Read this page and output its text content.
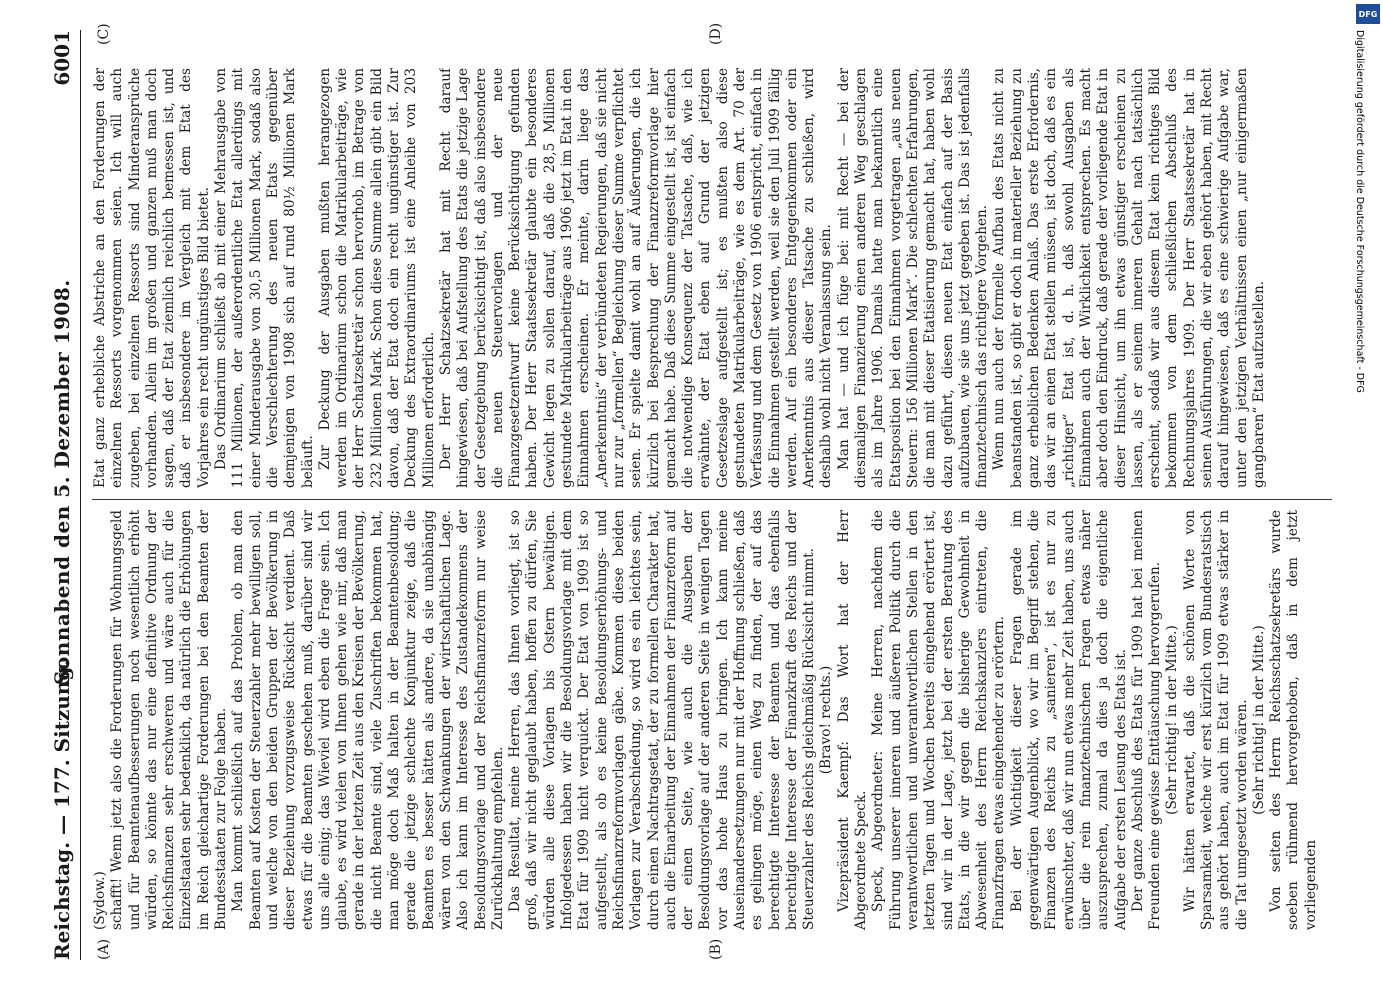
Reichstag. — 177. Sitzung.
Sonnabend den 5. Dezember 1908.
6001
(A)	(B)
(C)	(D)

(Sydow.) schafft! Wenn jetzt also die Forderungen für Wohnungsgeld und für Beamtenaufbesserungen noch wesentlich erhöht würden, so könnte das nur eine definitive Ordnung der Reichsfinanzen sehr erschweren und wäre auch für die Einzelstaaten sehr bedenklich, da natürlich die Erhöhungen im Reich gleichartige Forderungen bei den Beamten der Bundesstaaten zur Folge haben. Man kommt schließlich auf das Problem, ob man den Beamten auf Kosten der Steuerzahler mehr bewilligen soll, und welche von den beiden Gruppen der Bevölkerung in dieser Beziehung vorzugsweise Rücksicht verdient. Daß etwas für die Beamten geschehen muß, darüber sind wir uns alle einig; das Wieviel wird eben die Frage sein. Ich glaube, es wird vielen von Ihnen gehen wie mir, daß man gerade in der letzten Zeit aus den Kreisen der Bevölkerung, die nicht Beamte sind, viele Zuschriften bekommen hat, man möge doch Maß halten in der Beamtenbesoldung; gerade die jetzige schlechte Konjunktur zeige, daß die Beamten es besser hätten als andere, da sie unabhängig wären von den Schwankungen der wirtschaftlichen Lage. Also ich kann im Interesse des Zustandekommens der Besoldungsvorlage und der Reichsfinanzreform nur weise Zurückhaltung empfehlen. Das Resultat, meine Herren, das Ihnen vorliegt, ist so groß, daß wir nicht geglaubt haben, hoffen zu dürfen, Sie würden alle diese Vorlagen bis Ostern bewältigen. Infolgedessen haben wir die Besoldungsvorlage mit dem Etat für 1909 nicht verquickt. Der Etat von 1909 ist so aufgestellt, als ob es keine Besoldungserhöhungs- und Reichsfinanzreformvorlagen gäbe. Kommen diese beiden Vorlagen zur Verabschiedung, so wird es ein leichtes sein, durch einen Nachtragsetat, der zu formellen Charakter hat, auch die Einarbeitung der Einnahmen der Finanzreform auf der einen Seite, wie auch die Ausgaben der Besoldungsvorlage auf der anderen Seite in wenigen Tagen vor das hohe Haus zu bringen. Ich kann meine Auseinandersetzungen nur mit der Hoffnung schließen, daß es gelingen möge, einen Weg zu finden, der auf das berechtigte Interesse der Beamten und das ebenfalls berechtigte Interesse der Finanzkraft des Reichs und der Steuerzahler des Reichs gleichmäßig Rücksicht nimmt. (Bravo! rechts.) Vizepräsident Kaempf: Das Wort hat der Herr Abgeordnete Speck. Speck, Abgeordneter: Meine Herren, nachdem die Führung unserer inneren und äußeren Politik durch die verantwortlichen und unverantwortlichen Stellen in den letzten Tagen und Wochen bereits eingehend erörtert ist, sind wir in der Lage, jetzt bei der ersten Beratung des Etats, in die wir gegen die bisherige Gewohnheit in Abwesenheit des Herrn Reichskanzlers eintreten, die Finanzfragen etwas eingehender zu erörtern. Bei der Wichtigkeit dieser Fragen gerade im gegenwärtigen Augenblick, wo wir im Begriff stehen, die Finanzen des Reichs zu „sanieren“, ist es nur zu erwünschter, daß wir nun etwas mehr Zeit haben, uns auch über die rein finanztechnischen Fragen etwas näher auszusprechen, zumal da dies ja doch die eigentliche Aufgabe der ersten Lesung des Etats ist. Der ganze Abschluß des Etats für 1909 hat bei meinen Freunden eine gewisse Enttäuschung hervorgerufen. (Sehr richtig! in der Mitte.) Wir hätten erwartet, daß die schönen Worte von Sparsamkeit, welche wir erst kürzlich vom Bundesratstisch aus gehört haben, auch im Etat für 1909 etwas stärker in die Tat umgesetzt worden wären. (Sehr richtig! in der Mitte.) Von seiten des Herrn Reichsschatzsekretärs wurde soeben rühmend hervorgehoben, daß in dem jetzt vorliegenden

Etat ganz erhebliche Abstriche an den Forderungen der einzelnen Ressorts vorgenommen seien. Ich will auch zugeben, bei einzelnen Ressorts sind Minderansprüche vorhanden. Allein im großen und ganzen muß man doch sagen, daß der Etat ziemlich reichlich bemessen ist, und daß er insbesondere im Vergleich mit dem Etat des Vorjahres ein recht ungünstiges Bild bietet. Das Ordinarium schließt ab mit einer Mehrausgabe von 111 Millionen, der außerordentliche Etat allerdings mit einer Minderausgabe von 30,5 Millionen Mark, sodaß also die Verschlechterung des neuen Etats gegenüber demjenigen von 1908 sich auf rund 80½ Millionen Mark beläuft. Zur Deckung der Ausgaben mußten herangezogen werden im Ordinarium schon die Matrikularbeiträge, wie der Herr Schatzsekretär schon hervorhob, im Betrage von 232 Millionen Mark. Schon diese Summe allein gibt ein Bild davon, daß der Etat doch ein recht ungünstiger ist. Zur Deckung des Extraordinariums ist eine Anleihe von 203 Millionen erforderlich. Der Herr Schatzsekretär hat mit Recht darauf hingewiesen, daß bei Aufstellung des Etats die jetzige Lage der Gesetzgebung berücksichtigt ist, daß also insbesondere die neuen Steuervorlagen und der neue Finanzgesetzentwurf keine Berücksichtigung gefunden haben. Der Herr Staatssekretär glaubte ein besonderes Gewicht legen zu sollen darauf, daß die 28,5 Millionen gestundete Matrikularbeiträge aus 1906 jetzt im Etat in den Einnahmen erscheinen. Er meinte, darin liege das „Anerkenntnis“ der verbündeten Regierungen, daß sie nicht nur zur „formellen“ Begleichung dieser Summe verpflichtet seien. Er spielte damit wohl an auf Äußerungen, die ich kürzlich bei Besprechung der Finanzreformvorlage hier gemacht habe. Daß diese Summe eingestellt ist, ist einfach die notwendige Konsequenz der Tatsache, daß, wie ich erwähnte, der Etat eben auf Grund der jetzigen Gesetzeslage aufgestellt ist; es mußten also diese gestundeten Matrikularbeiträge, wie es dem Art. 70 der Verfassung und dem Gesetz von 1906 entspricht, einfach in die Einnahmen gestellt werden, weil sie den Juli 1909 fällig werden. Auf ein besonderes Entgegenkommen oder ein Anerkenntnis aus dieser Tatsache zu schließen, wird deshalb wohl nicht Veranlassung sein. Man hat — und ich füge bei: mit Recht — bei der diesmaligen Finanzierung einen anderen Weg geschlagen als im Jahre 1906. Damals hatte man bekanntlich eine Etatsposition bei den Einnahmen vorgetragen „aus neuen Steuern: 156 Millionen Mark“. Die schlechten Erfahrungen, die man mit dieser Etatisierung gemacht hat, haben wohl dazu geführt, diesen neuen Etat einfach auf der Basis aufzubauen, wie sie uns jetzt gegeben ist. Das ist jedenfalls finanztechnisch das richtigere Vorgehen. Wenn nun auch der formelle Aufbau des Etats nicht zu beanstanden ist, so gibt er doch in materieller Beziehung zu ganz erheblichen Bedenken Anlaß. Das erste Erfordernis, das wir an einen Etat stellen müssen, ist doch, daß es ein „richtiger“ Etat ist, d. h. daß sowohl Ausgaben als Einnahmen auch der Wirklichkeit entsprechen. Es macht aber doch den Eindruck, daß gerade der vorliegende Etat in dieser Hinsicht, um ihn etwas günstiger erscheinen zu lassen, als er seinem inneren Gehalt nach tatsächlich erscheint, sodaß wir aus diesem Etat kein richtiges Bild bekommen von dem schließlichen Abschluß des Rechnungsjahres 1909. Der Herr Staatssekretär hat in seinen Ausführungen, die wir eben gehört haben, mit Recht darauf hingewiesen, daß es eine schwierige Aufgabe war, unter den jetzigen Verhältnissen einen „nur einigermaßen gangbaren“ Etat aufzustellen.	Digitalisierung gefördert durch die Deutsche Forschungsgemeinschaft - DFG
DFG
